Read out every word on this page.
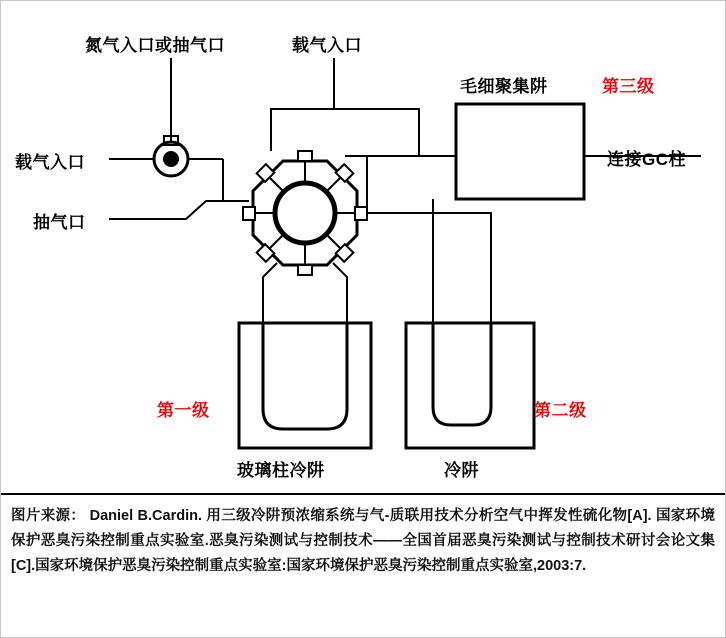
氮气入口或抽气口	载气入口
载气入口
抽气口
毛细聚集阱	第三级
连接GC柱
第一级	第二级
玻璃柱冷阱	冷阱

图片来源： Daniel B.Cardin. 用三级冷阱预浓缩系统与气-质联用技术分析空气中挥发性硫化物[A]. 国家环境保护恶臭污染控制重点实验室.恶臭污染测试与控制技术——全国首届恶臭污染测试与控制技术研讨会论文集[C].国家环境保护恶臭污染控制重点实验室:国家环境保护恶臭污染控制重点实验室,2003:7.
